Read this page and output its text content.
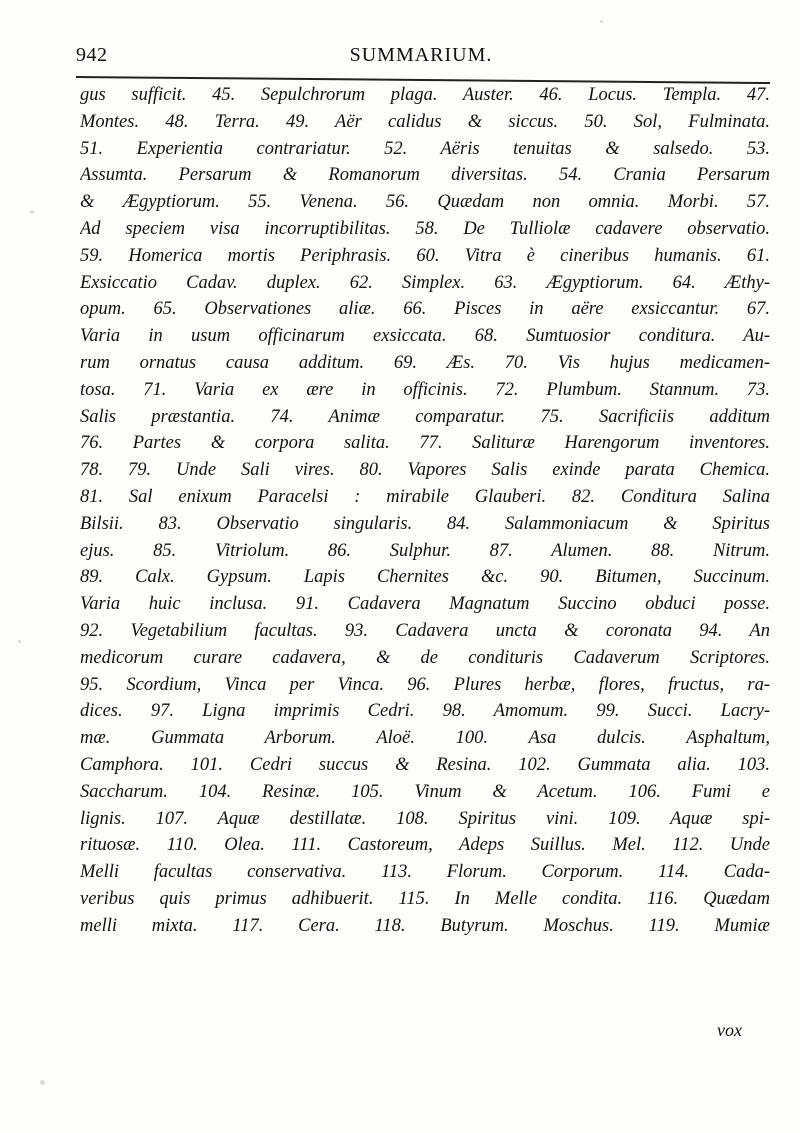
942	SUMMARIUM.
gus sufficit. 45. Sepulchrorum plaga. Auster. 46. Locus. Templa. 47.
Montes. 48. Terra. 49. Aër calidus & siccus. 50. Sol, Fulminata.
51. Experientia contrariatur. 52. Aëris tenuitas & salsedo. 53.
Assumta. Persarum & Romanorum diversitas. 54. Crania Persarum
& Ægyptiorum. 55. Venena. 56. Quædam non omnia. Morbi. 57.
Ad speciem visa incorruptibilitas. 58. De Tulliolæ cadavere observatio.
59. Homerica mortis Periphrasis. 60. Vitra è cineribus humanis. 61.
Exsiccatio Cadav. duplex. 62. Simplex. 63. Ægyptiorum. 64. Æthy-
opum. 65. Observationes aliæ. 66. Pisces in aëre exsiccantur. 67.
Varia in usum officinarum exsiccata. 68. Sumtuosior conditura. Au-
rum ornatus causa additum. 69. Æs. 70. Vis hujus medicamen-
tosa. 71. Varia ex ære in officinis. 72. Plumbum. Stannum. 73.
Salis præstantia. 74. Animæ comparatur. 75. Sacrificiis additum
76. Partes & corpora salita. 77. Salituræ Harengorum inventores.
78. 79. Unde Sali vires. 80. Vapores Salis exinde parata Chemica.
81. Sal enixum Paracelsi : mirabile Glauberi. 82. Conditura Salina
Bilsii. 83. Observatio singularis. 84. Salammoniacum & Spiritus
ejus. 85. Vitriolum. 86. Sulphur. 87. Alumen. 88. Nitrum.
89. Calx. Gypsum. Lapis Chernites &c. 90. Bitumen, Succinum.
Varia huic inclusa. 91. Cadavera Magnatum Succino obduci posse.
92. Vegetabilium facultas. 93. Cadavera uncta & coronata 94. An
medicorum curare cadavera, & de condituris Cadaverum Scriptores.
95. Scordium, Vinca per Vinca. 96. Plures herbæ, flores, fructus, ra-
dices. 97. Ligna imprimis Cedri. 98. Amomum. 99. Succi. Lacry-
mæ. Gummata Arborum. Aloë. 100. Asa dulcis. Asphaltum,
Camphora. 101. Cedri succus & Resina. 102. Gummata alia. 103.
Saccharum. 104. Resinæ. 105. Vinum & Acetum. 106. Fumi e
lignis. 107. Aquæ destillatæ. 108. Spiritus vini. 109. Aquæ spi-
rituosæ. 110. Olea. 111. Castoreum, Adeps Suillus. Mel. 112. Unde
Melli facultas conservativa. 113. Florum. Corporum. 114. Cada-
veribus quis primus adhibuerit. 115. In Melle condita. 116. Quædam
melli mixta. 117. Cera. 118. Butyrum. Moschus. 119. Mumiæ
vox
